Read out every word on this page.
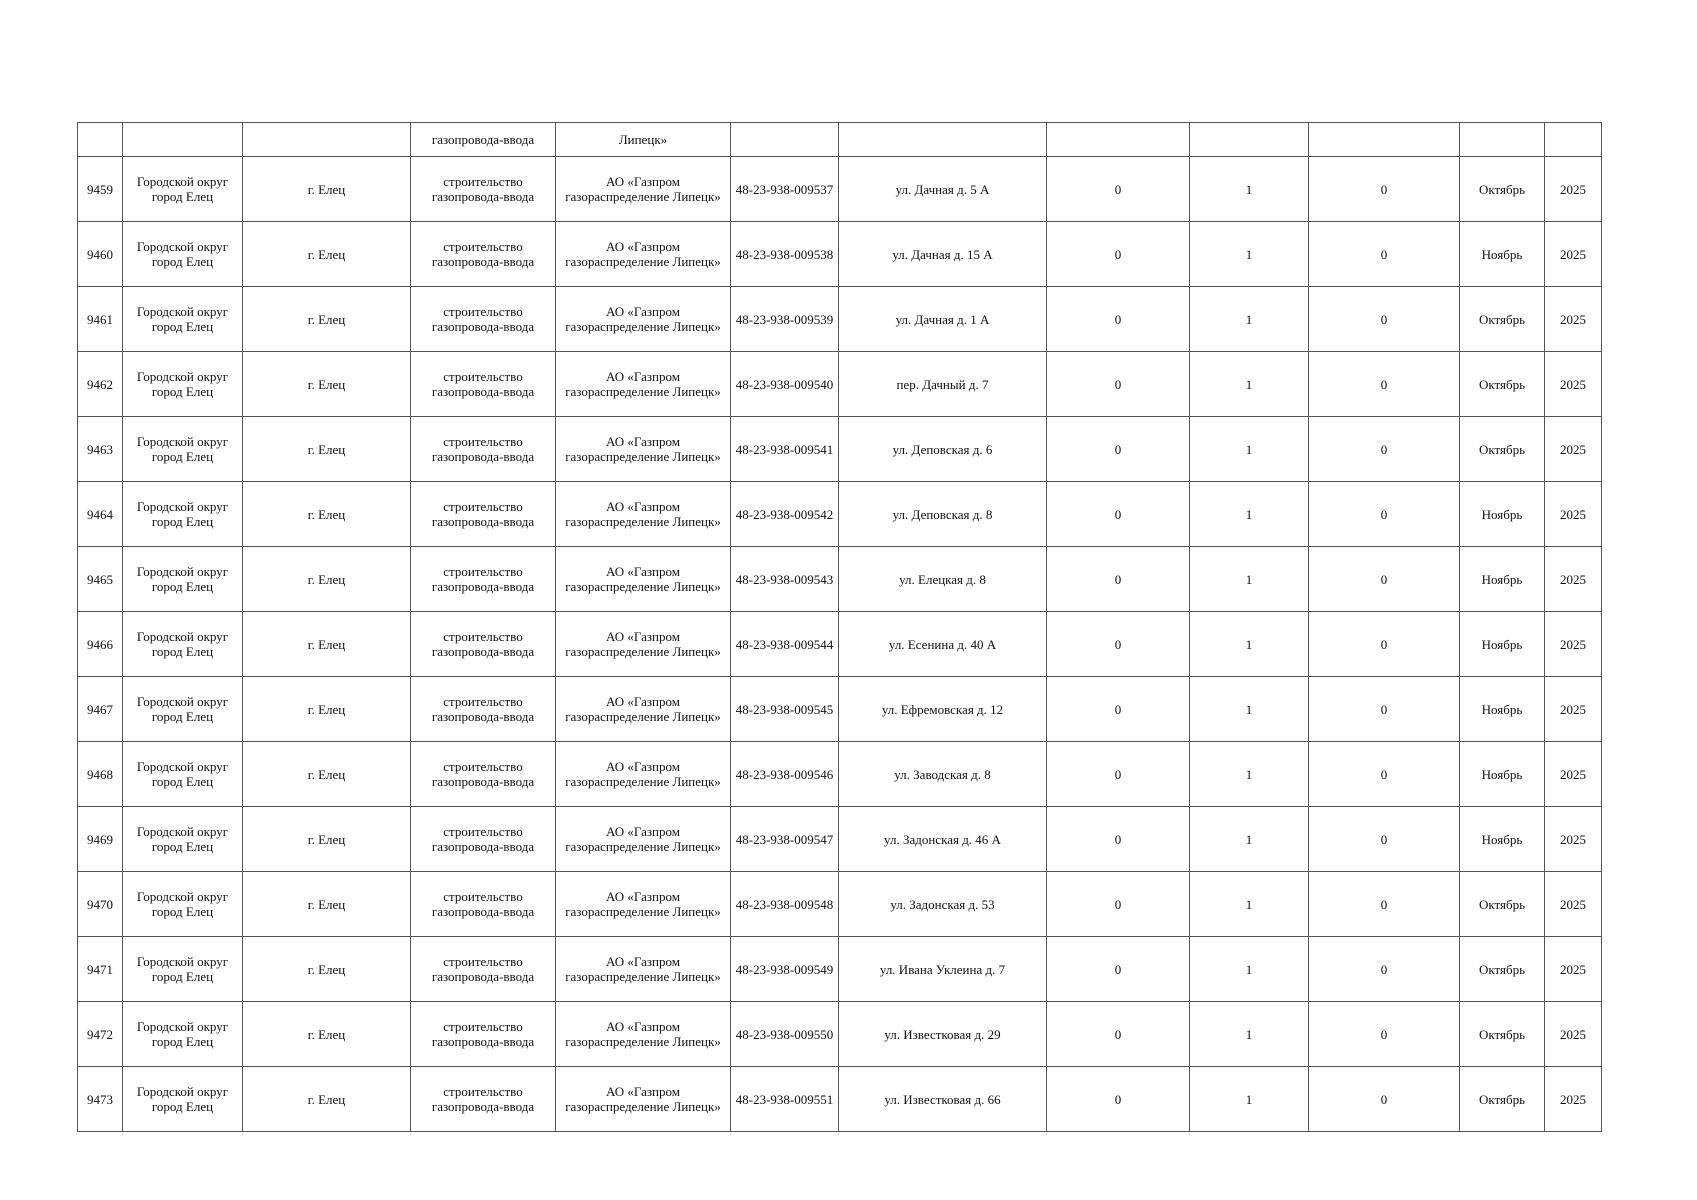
			газопровода-ввода	Липецк»							
9459	Городской округ город Елец	г. Елец	строительство газопровода-ввода	АО «Газпром газораспределение Липецк»	48-23-938-009537	ул. Дачная д. 5 А	0	1	0	Октябрь	2025
9460	Городской округ город Елец	г. Елец	строительство газопровода-ввода	АО «Газпром газораспределение Липецк»	48-23-938-009538	ул. Дачная д. 15 А	0	1	0	Ноябрь	2025
9461	Городской округ город Елец	г. Елец	строительство газопровода-ввода	АО «Газпром газораспределение Липецк»	48-23-938-009539	ул. Дачная д. 1 А	0	1	0	Октябрь	2025
9462	Городской округ город Елец	г. Елец	строительство газопровода-ввода	АО «Газпром газораспределение Липецк»	48-23-938-009540	пер. Дачный д. 7	0	1	0	Октябрь	2025
9463	Городской округ город Елец	г. Елец	строительство газопровода-ввода	АО «Газпром газораспределение Липецк»	48-23-938-009541	ул. Деповская д. 6	0	1	0	Октябрь	2025
9464	Городской округ город Елец	г. Елец	строительство газопровода-ввода	АО «Газпром газораспределение Липецк»	48-23-938-009542	ул. Деповская д. 8	0	1	0	Ноябрь	2025
9465	Городской округ город Елец	г. Елец	строительство газопровода-ввода	АО «Газпром газораспределение Липецк»	48-23-938-009543	ул. Елецкая д. 8	0	1	0	Ноябрь	2025
9466	Городской округ город Елец	г. Елец	строительство газопровода-ввода	АО «Газпром газораспределение Липецк»	48-23-938-009544	ул. Есенина д. 40 А	0	1	0	Ноябрь	2025
9467	Городской округ город Елец	г. Елец	строительство газопровода-ввода	АО «Газпром газораспределение Липецк»	48-23-938-009545	ул. Ефремовская д. 12	0	1	0	Ноябрь	2025
9468	Городской округ город Елец	г. Елец	строительство газопровода-ввода	АО «Газпром газораспределение Липецк»	48-23-938-009546	ул. Заводская д. 8	0	1	0	Ноябрь	2025
9469	Городской округ город Елец	г. Елец	строительство газопровода-ввода	АО «Газпром газораспределение Липецк»	48-23-938-009547	ул. Задонская д. 46 А	0	1	0	Ноябрь	2025
9470	Городской округ город Елец	г. Елец	строительство газопровода-ввода	АО «Газпром газораспределение Липецк»	48-23-938-009548	ул. Задонская д. 53	0	1	0	Октябрь	2025
9471	Городской округ город Елец	г. Елец	строительство газопровода-ввода	АО «Газпром газораспределение Липецк»	48-23-938-009549	ул. Ивана Уклеина д. 7	0	1	0	Октябрь	2025
9472	Городской округ город Елец	г. Елец	строительство газопровода-ввода	АО «Газпром газораспределение Липецк»	48-23-938-009550	ул. Известковая д. 29	0	1	0	Октябрь	2025
9473	Городской округ город Елец	г. Елец	строительство газопровода-ввода	АО «Газпром газораспределение Липецк»	48-23-938-009551	ул. Известковая д. 66	0	1	0	Октябрь	2025
